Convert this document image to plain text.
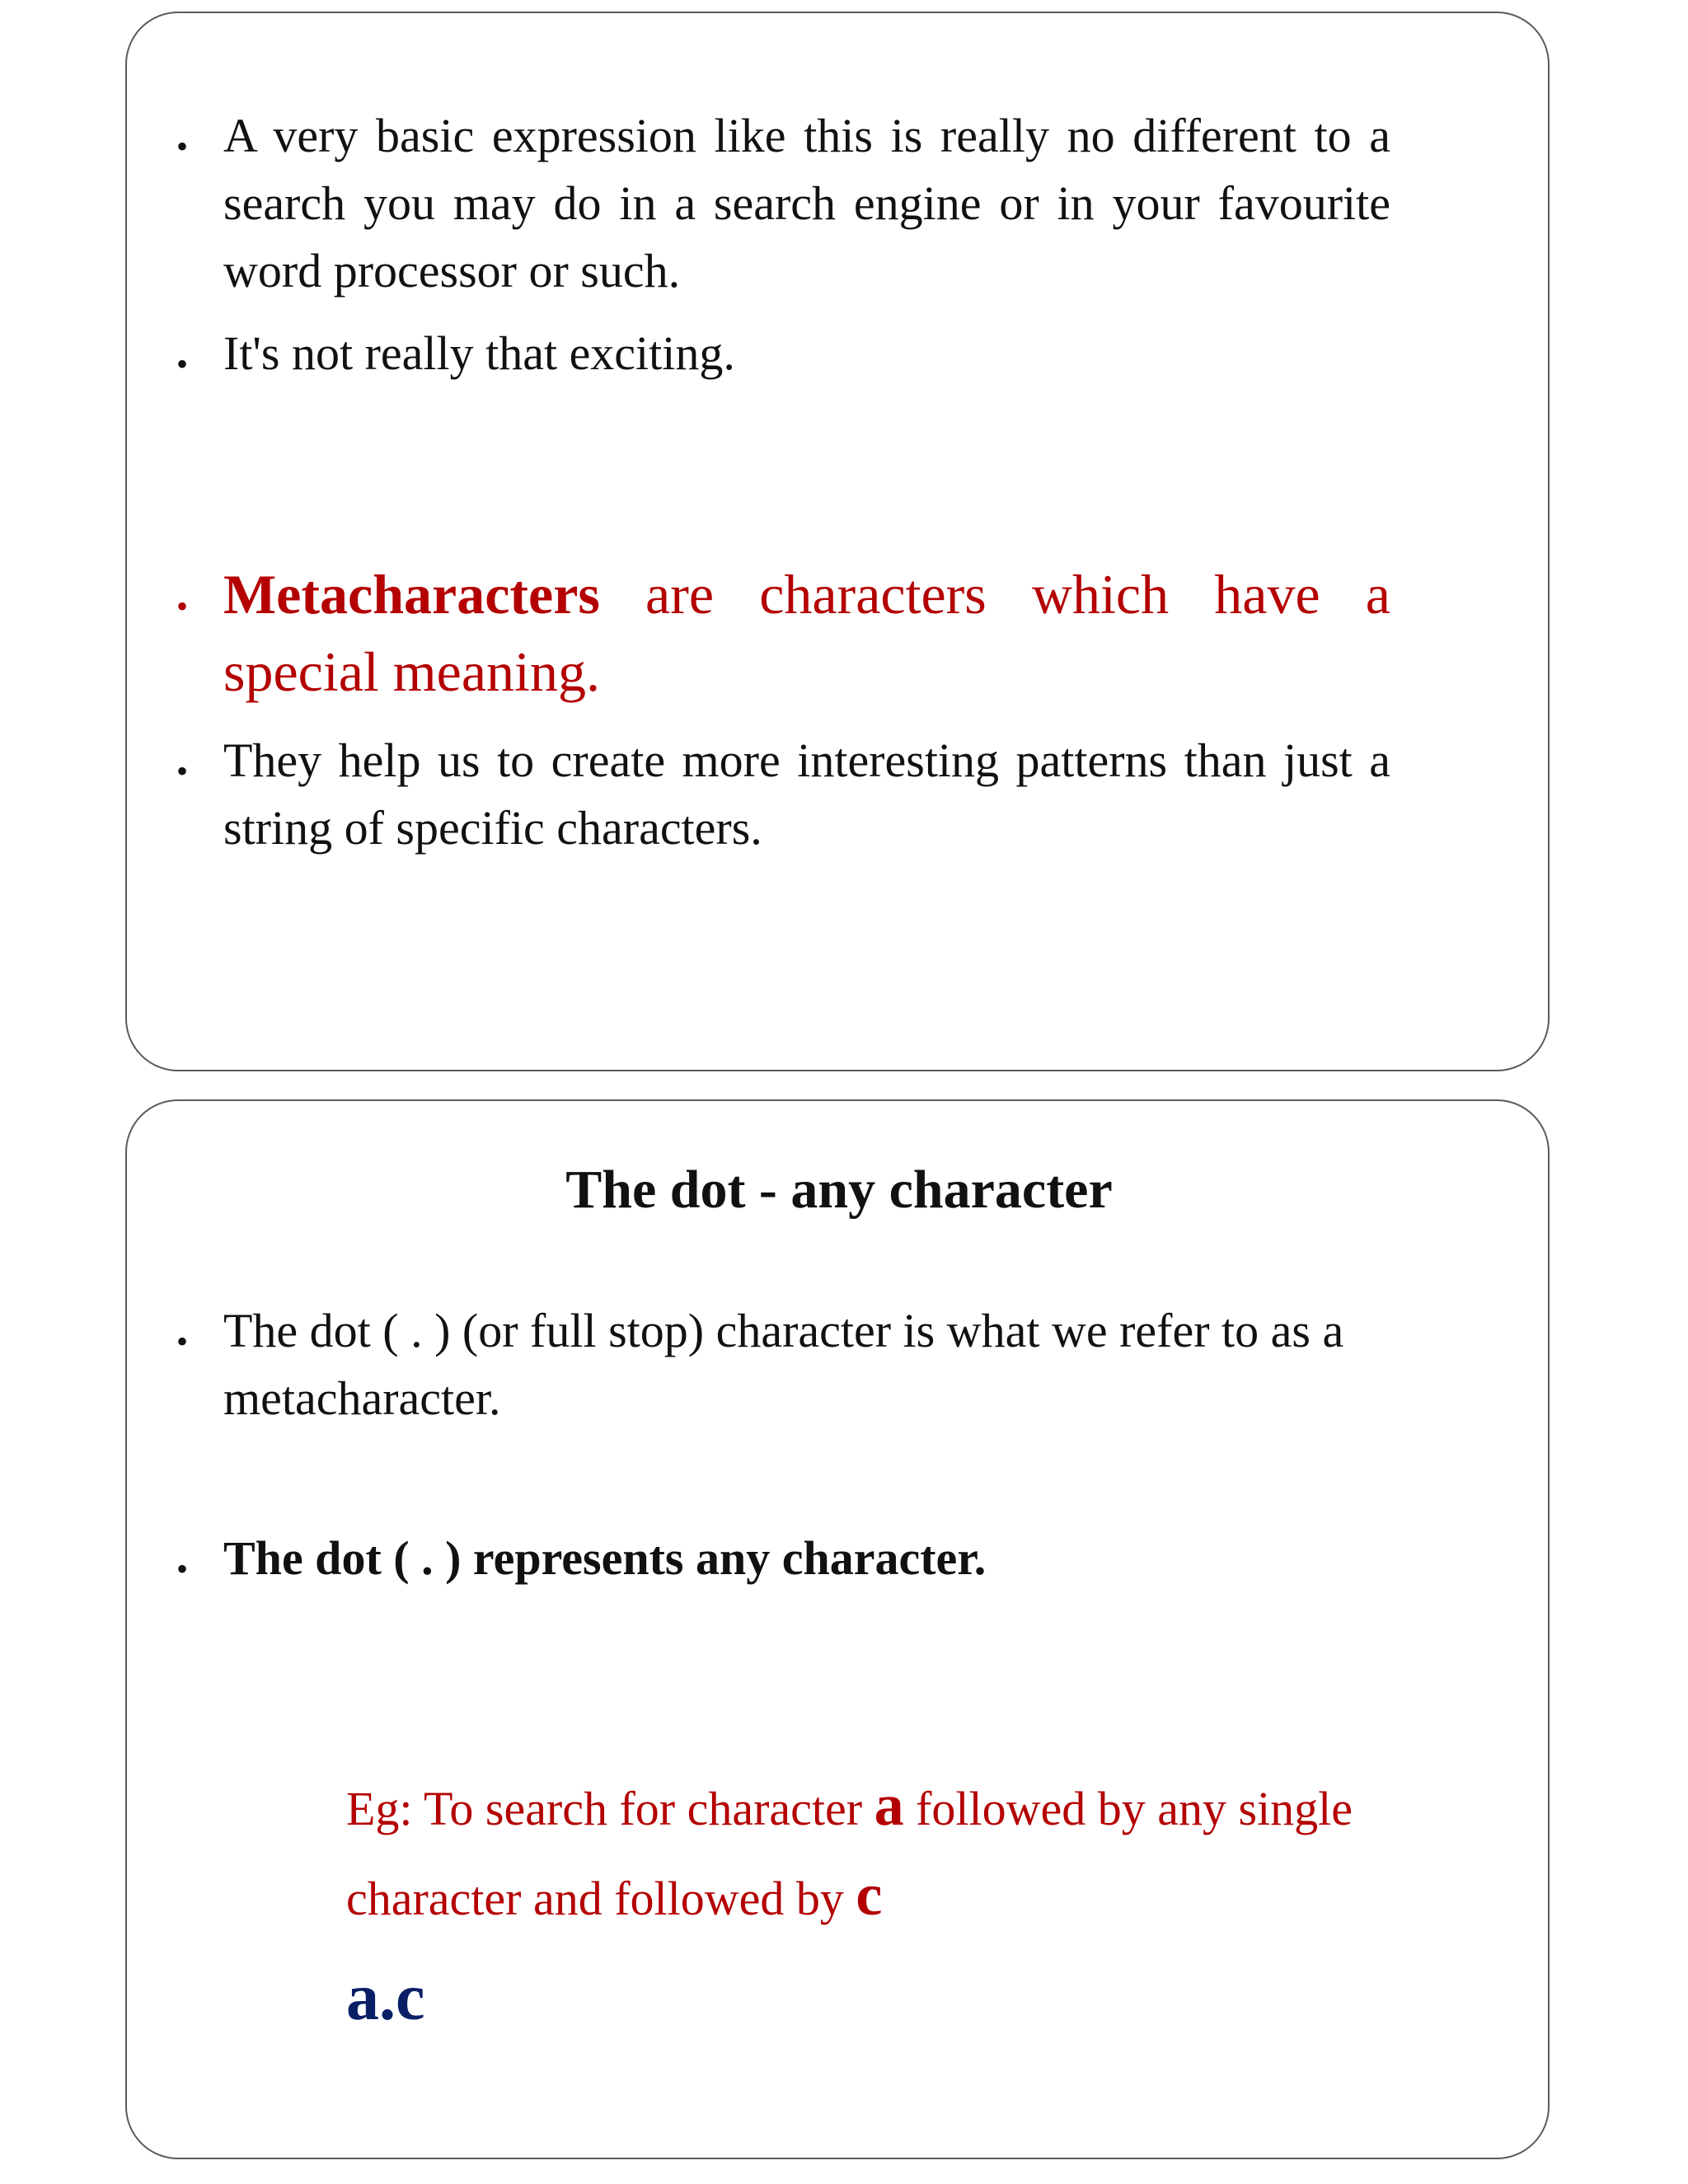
• A very basic expression like this is really no different to a search you may do in a search engine or in your favourite word processor or such.
• It's not really that exciting.
• Metacharacters are characters which have a special meaning.
• They help us to create more interesting patterns than just a string of specific characters.
The dot - any character
• The dot ( . ) (or full stop) character is what we refer to as a metacharacter.
• The dot ( . ) represents any character.
Eg: To search for character a followed by any single character and followed by c
a.c
